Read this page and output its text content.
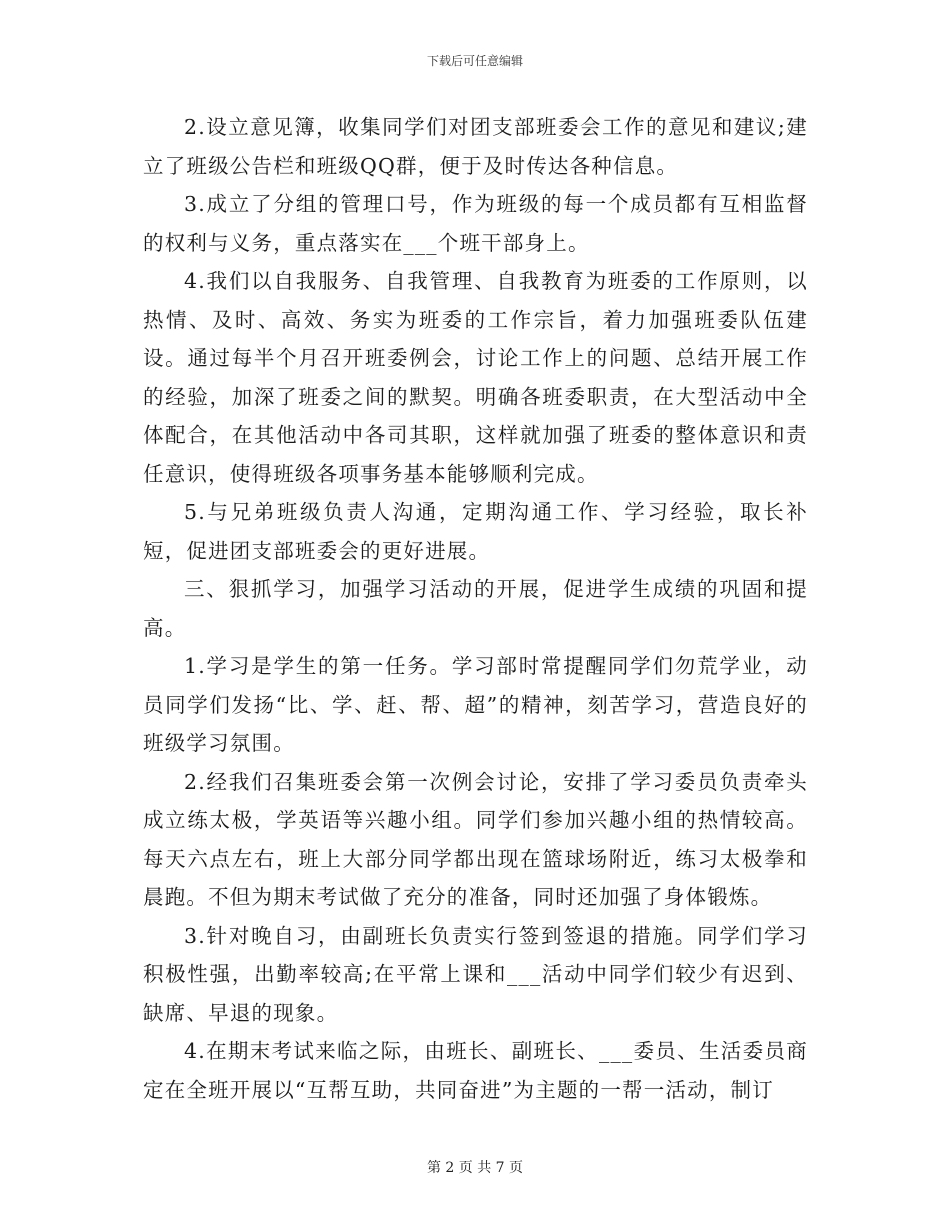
下载后可任意编辑

2.设立意见簿，收集同学们对团支部班委会工作的意见和建议;建立了班级公告栏和班级QQ群，便于及时传达各种信息。

3.成立了分组的管理口号，作为班级的每一个成员都有互相监督的权利与义务，重点落实在___个班干部身上。

4.我们以自我服务、自我管理、自我教育为班委的工作原则，以热情、及时、高效、务实为班委的工作宗旨，着力加强班委队伍建设。通过每半个月召开班委例会，讨论工作上的问题、总结开展工作的经验，加深了班委之间的默契。明确各班委职责，在大型活动中全体配合，在其他活动中各司其职，这样就加强了班委的整体意识和责任意识，使得班级各项事务基本能够顺利完成。

5.与兄弟班级负责人沟通，定期沟通工作、学习经验，取长补短，促进团支部班委会的更好进展。

三、狠抓学习，加强学习活动的开展，促进学生成绩的巩固和提高。

1.学习是学生的第一任务。学习部时常提醒同学们勿荒学业，动员同学们发扬“比、学、赶、帮、超”的精神，刻苦学习，营造良好的班级学习氛围。

2.经我们召集班委会第一次例会讨论，安排了学习委员负责牵头成立练太极，学英语等兴趣小组。同学们参加兴趣小组的热情较高。每天六点左右，班上大部分同学都出现在篮球场附近，练习太极拳和晨跑。不但为期末考试做了充分的准备，同时还加强了身体锻炼。

3.针对晚自习，由副班长负责实行签到签退的措施。同学们学习积极性强，出勤率较高;在平常上课和___活动中同学们较少有迟到、缺席、早退的现象。

4.在期末考试来临之际，由班长、副班长、___委员、生活委员商定在全班开展以“互帮互助，共同奋进”为主题的一帮一活动，制订

第 2 页 共 7 页
